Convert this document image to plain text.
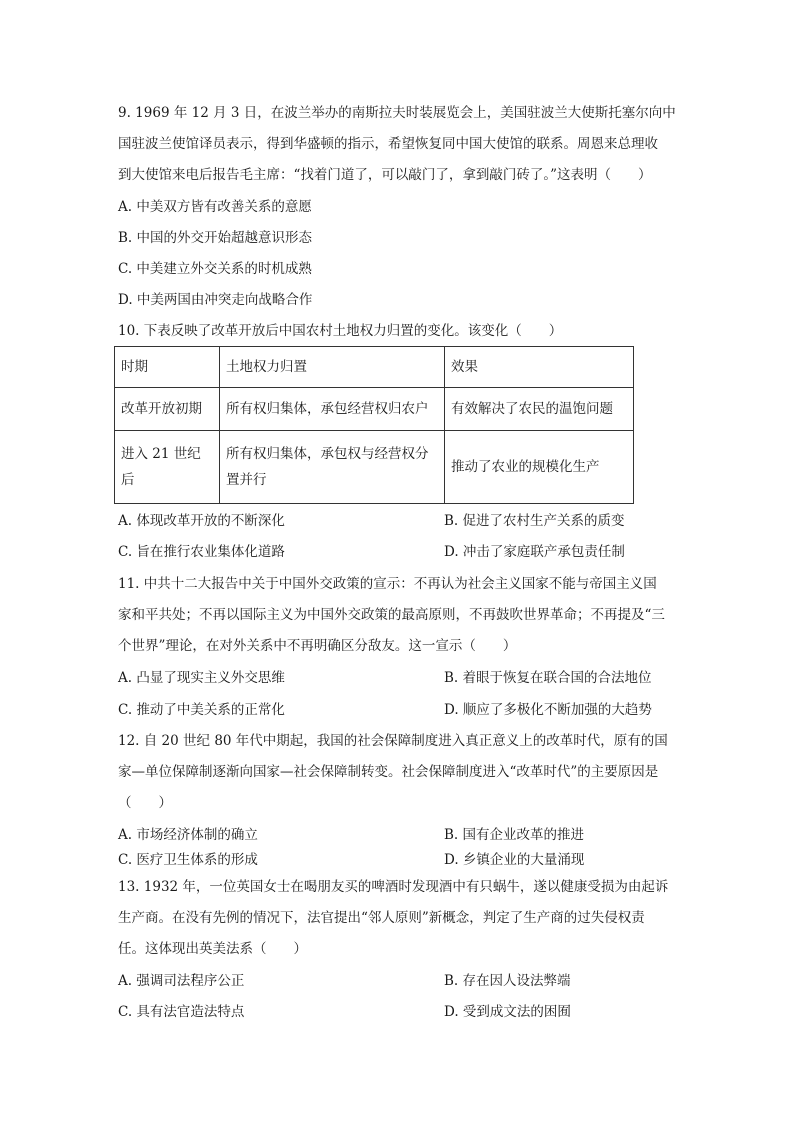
9. 1969 年 12 月 3 日，在波兰举办的南斯拉夫时装展览会上，美国驻波兰大使斯托塞尔向中
国驻波兰使馆译员表示，得到华盛顿的指示，希望恢复同中国大使馆的联系。周恩来总理收
到大使馆来电后报告毛主席：“找着门道了，可以敲门了，拿到敲门砖了。”这表明（　　）
A. 中美双方皆有改善关系的意愿
B. 中国的外交开始超越意识形态
C. 中美建立外交关系的时机成熟
D. 中美两国由冲突走向战略合作
10. 下表反映了改革开放后中国农村土地权力归置的变化。该变化（　　）
时期	土地权力归置	效果
改革开放初期	所有权归集体，承包经营权归农户	有效解决了农民的温饱问题
进入 21 世纪后	所有权归集体，承包权与经营权分置并行	推动了农业的规模化生产
A. 体现改革开放的不断深化	B. 促进了农村生产关系的质变
C. 旨在推行农业集体化道路	D. 冲击了家庭联产承包责任制
11. 中共十二大报告中关于中国外交政策的宣示：不再认为社会主义国家不能与帝国主义国
家和平共处；不再以国际主义为中国外交政策的最高原则，不再鼓吹世界革命；不再提及“三
个世界”理论，在对外关系中不再明确区分敌友。这一宣示（　　）
A. 凸显了现实主义外交思维	B. 着眼于恢复在联合国的合法地位
C. 推动了中美关系的正常化	D. 顺应了多极化不断加强的大趋势
12. 自 20 世纪 80 年代中期起，我国的社会保障制度进入真正意义上的改革时代，原有的国
家—单位保障制逐渐向国家—社会保障制转变。社会保障制度进入“改革时代”的主要原因是
（　　）
A. 市场经济体制的确立	B. 国有企业改革的推进
C. 医疗卫生体系的形成	D. 乡镇企业的大量涌现
13. 1932 年，一位英国女士在喝朋友买的啤酒时发现酒中有只蜗牛，遂以健康受损为由起诉
生产商。在没有先例的情况下，法官提出“邻人原则”新概念，判定了生产商的过失侵权责
任。这体现出英美法系（　　）
A. 强调司法程序公正	B. 存在因人设法弊端
C. 具有法官造法特点	D. 受到成文法的困囿
